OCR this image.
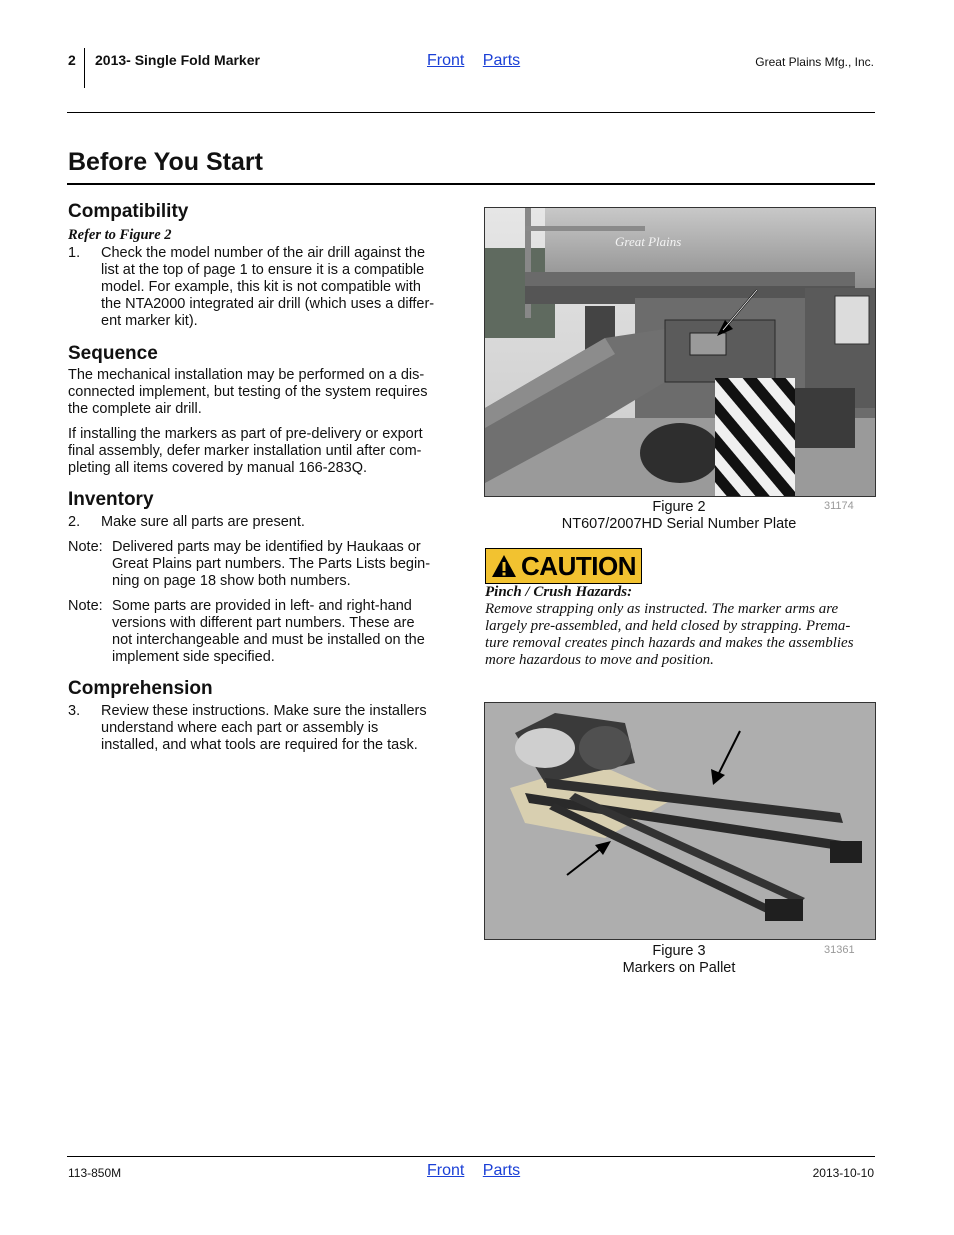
2 2013- Single Fold Marker	Front Parts	Great Plains Mfg., Inc.
Before You Start
Compatibility
Refer to Figure 2
1.	Check the model number of the air drill against the
list at the top of page 1 to ensure it is a compatible
model. For example, this kit is not compatible with
the NTA2000 integrated air drill (which uses a differ-
ent marker kit).
Sequence
The mechanical installation may be performed on a dis-
connected implement, but testing of the system requires
the complete air drill.
If installing the markers as part of pre-delivery or export
final assembly, defer marker installation until after com-
pleting all items covered by manual 166-283Q.
Inventory
2.	Make sure all parts are present.
Note: Delivered parts may be identified by Haukaas or
Great Plains part numbers. The Parts Lists begin-
ning on page 18 show both numbers.
Note: Some parts are provided in left- and right-hand
versions with different part numbers. These are
not interchangeable and must be installed on the
implement side specified.
Comprehension
3.	Review these instructions. Make sure the installers
understand where each part or assembly is
installed, and what tools are required for the task.
Great Plains
Figure 2
NT607/2007HD Serial Number Plate
31174
CAUTION
Pinch / Crush Hazards:
Remove strapping only as instructed. The marker arms are
largely pre-assembled, and held closed by strapping. Prema-
ture removal creates pinch hazards and makes the assemblies
more hazardous to move and position.
Figure 3
Markers on Pallet
31361
113-850M	Front Parts	2013-10-10
